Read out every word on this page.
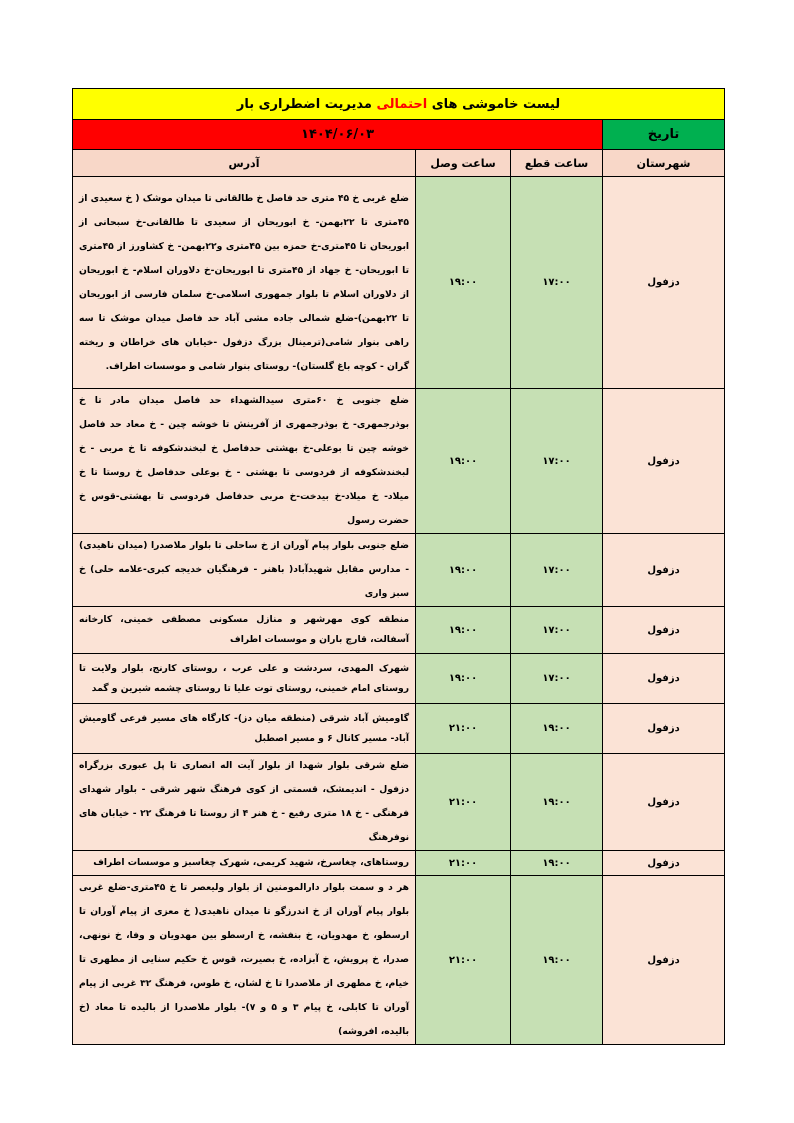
لیست خاموشی های احتمالی مدیریت اضطراری بار			
تاریخ	۱۴۰۴/۰۶/۰۳		
شهرستان	ساعت قطع	ساعت وصل	آدرس
دزفول	۱۷:۰۰	۱۹:۰۰	ضلع غربی خ ۴۵ متری حد فاصل خ طالقانی تا میدان موشک ( خ سعیدی از ۴۵متری تا ۲۲بهمن- خ ابوریحان از سعیدی تا طالقانی-خ سبحانی از ابوریحان تا ۴۵متری-خ حمزه بین ۴۵متری و۲۲بهمن- خ کشاورز از ۴۵متری تا ابوریحان- خ جهاد از ۴۵متری تا ابوریحان-خ دلاوران اسلام- خ ابوریحان از دلاوران اسلام تا بلوار جمهوری اسلامی-خ سلمان فارسی از ابوریحان تا ۲۲بهمن)-ضلع شمالی جاده مشی آباد حد فاصل میدان موشک تا سه راهی بنوار شامی(ترمینال بزرگ دزفول -خیابان های خراطان و ریخته گران - کوچه باغ گلستان)- روستای بنوار شامی و موسسات اطراف.
دزفول	۱۷:۰۰	۱۹:۰۰	ضلع جنوبی خ ۶۰متری سیدالشهداء حد فاصل میدان مادر تا خ بوذرجمهری- خ بوذرجمهری از آفرینش تا خوشه چین - خ معاد حد فاصل خوشه چین تا بوعلی-خ بهشتی حدفاصل خ لبخندشکوفه تا خ مربی - خ لبخندشکوفه از فردوسی تا بهشتی - خ بوعلی حدفاصل خ روستا تا خ میلاد- خ میلاد-خ بیدخت-خ مربی حدفاصل فردوسی تا بهشتی-قوس خ حضرت رسول
دزفول	۱۷:۰۰	۱۹:۰۰	ضلع جنوبی بلوار پیام آوران از خ ساحلی تا بلوار ملاصدرا (میدان ناهیدی) - مدارس مقابل شهیدآباد( باهنر - فرهنگیان خدیجه کبری-علامه حلی) خ سبز واری
دزفول	۱۷:۰۰	۱۹:۰۰	منطقه کوی مهرشهر و منازل مسکونی مصطفی خمینی، کارخانه آسفالت، قارچ باران و موسسات اطراف
دزفول	۱۷:۰۰	۱۹:۰۰	شهرک المهدی، سردشت و علی عرب ، روستای کارنج، بلوار ولایت تا روستای امام خمینی، روستای توت علیا تا روستای چشمه شیرین و گمد
دزفول	۱۹:۰۰	۲۱:۰۰	گاومیش آباد شرقی (منطقه میان دز)- کارگاه های مسیر فرعی گاومیش آباد- مسیر کانال ۶ و مسیر اصطبل
دزفول	۱۹:۰۰	۲۱:۰۰	ضلع شرقی بلوار شهدا از بلوار آیت اله انصاری تا پل عبوری بزرگراه دزفول - اندیمشک، قسمتی از کوی فرهنگ شهر شرقی - بلوار شهدای فرهنگی - خ ۱۸ متری رفیع - خ هنر ۴ از روستا تا فرهنگ ۲۲ - خیابان های نوفرهنگ
دزفول	۱۹:۰۰	۲۱:۰۰	روستاهای، چغاسرخ، شهید کریمی، شهرک چغاسبز و موسسات اطراف
دزفول	۱۹:۰۰	۲۱:۰۰	هر د و سمت بلوار دارالمومنین از بلوار ولیعصر تا خ ۴۵متری-ضلع غربی بلوار پیام آوران از خ اندرزگو تا میدان ناهیدی( خ معزی از پیام آوران تا ارسطو، خ مهدویان، خ بنفشه، خ ارسطو بین مهدویان و وفا، خ نونهی، صدرا، خ پرویش، خ آبزاده، خ بصیرت، قوس خ حکیم سنایی از مطهری تا خیام، خ مطهری از ملاصدرا تا خ لشان، خ طوس، فرهنگ ۳۲ غربی از پیام آوران تا کابلی، خ پیام ۳ و ۵ و ۷)- بلوار ملاصدرا از بالیده تا معاد (خ بالیده، افروشه)
